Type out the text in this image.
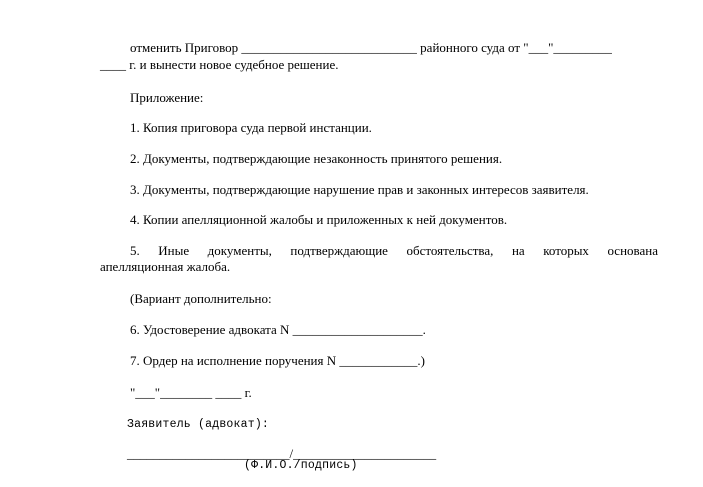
отменить Приговор ___________________________ районного суда от "___"_________
____ г. и вынести новое судебное решение.
Приложение:
1. Копия приговора суда первой инстанции.
2. Документы, подтверждающие незаконность принятого решения.
3. Документы, подтверждающие нарушение прав и законных интересов заявителя.
4. Копии апелляционной жалобы и приложенных к ней документов.
5. Иные документы, подтверждающие обстоятельства, на которых основана
апелляционная жалоба.
(Вариант дополнительно:
6. Удостоверение адвоката N ____________________.
7. Ордер на исполнение поручения N ____________.)
"___"________ ____ г.
Заявитель (адвокат):
_________________________/______________________
(Ф.И.О./подпись)
